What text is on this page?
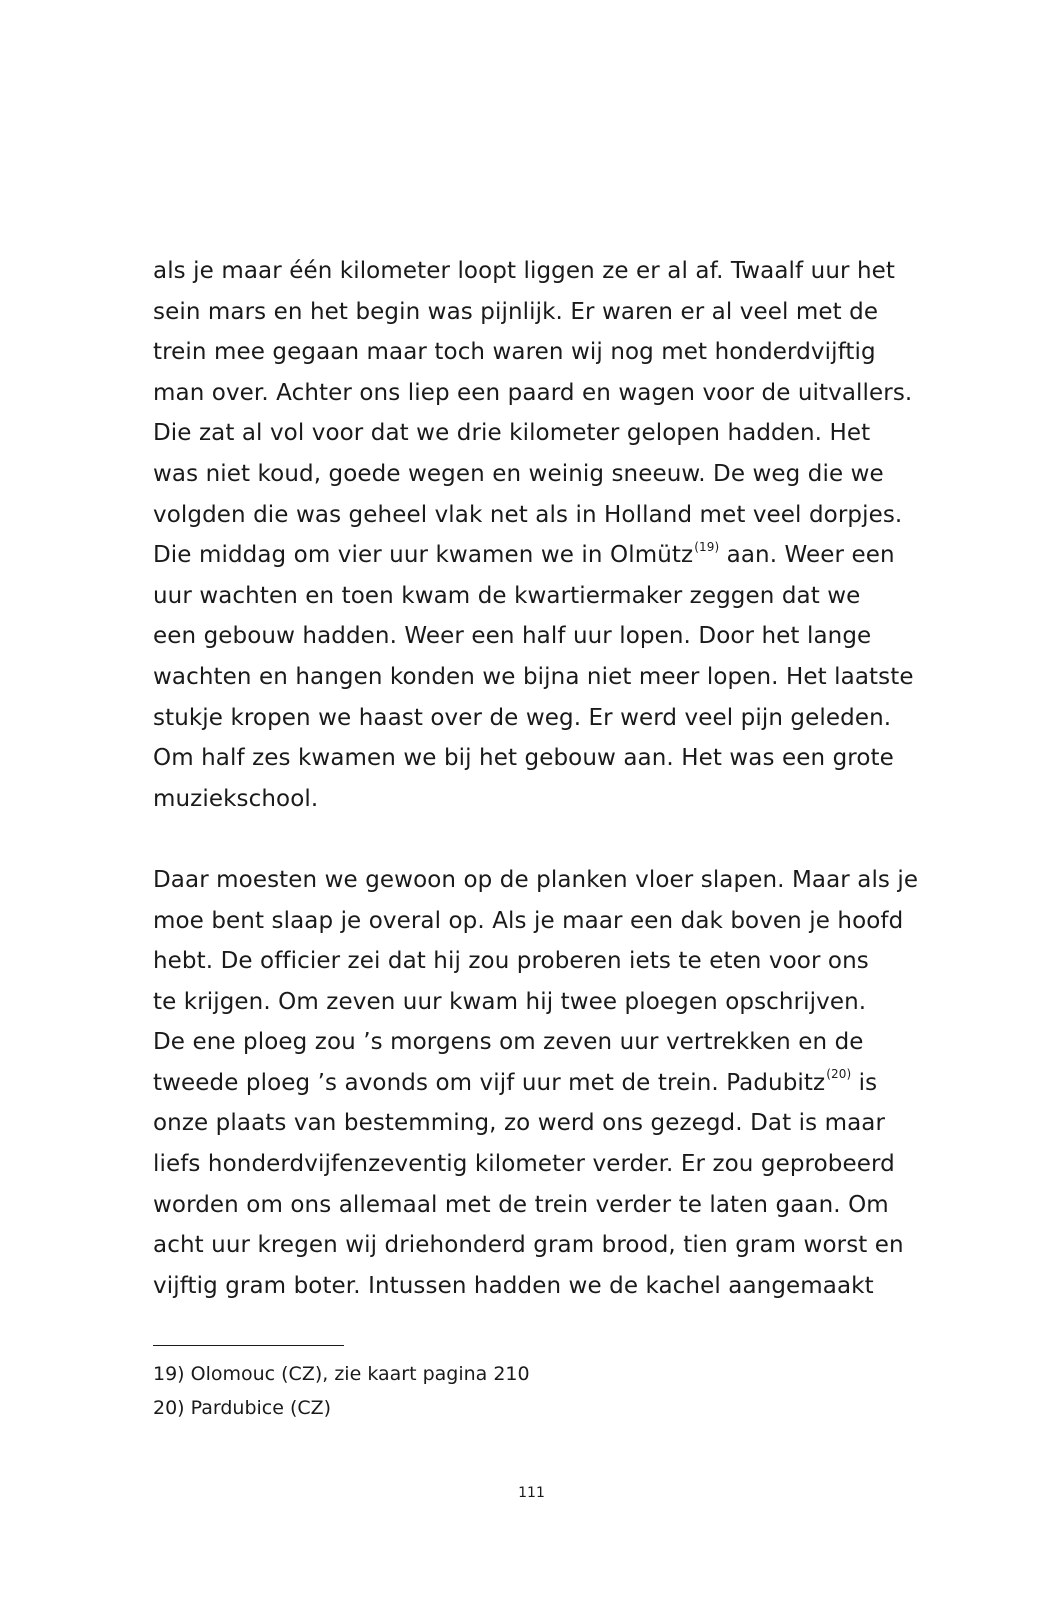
als je maar één kilometer loopt liggen ze er al af. Twaalf uur het
sein mars en het begin was pijnlijk. Er waren er al veel met de
trein mee gegaan maar toch waren wij nog met honderdvijftig
man over. Achter ons liep een paard en wagen voor de uitvallers.
Die zat al vol voor dat we drie kilometer gelopen hadden. Het
was niet koud, goede wegen en weinig sneeuw. De weg die we
volgden die was geheel vlak net als in Holland met veel dorpjes.
Die middag om vier uur kwamen we in Olmütz$^{(19)}$ aan. Weer een
uur wachten en toen kwam de kwartiermaker zeggen dat we
een gebouw hadden. Weer een half uur lopen. Door het lange
wachten en hangen konden we bijna niet meer lopen. Het laatste
stukje kropen we haast over de weg. Er werd veel pijn geleden.
Om half zes kwamen we bij het gebouw aan. Het was een grote
muziekschool.
Daar moesten we gewoon op de planken vloer slapen. Maar als je
moe bent slaap je overal op. Als je maar een dak boven je hoofd
hebt. De officier zei dat hij zou proberen iets te eten voor ons
te krijgen. Om zeven uur kwam hij twee ploegen opschrijven.
De ene ploeg zou ’s morgens om zeven uur vertrekken en de
tweede ploeg ’s avonds om vijf uur met de trein. Padubitz$^{(20)}$ is
onze plaats van bestemming, zo werd ons gezegd. Dat is maar
liefs honderdvijfenzeventig kilometer verder. Er zou geprobeerd
worden om ons allemaal met de trein verder te laten gaan. Om
acht uur kregen wij driehonderd gram brood, tien gram worst en
vijftig gram boter. Intussen hadden we de kachel aangemaakt
19) Olomouc (CZ), zie kaart pagina 210
20) Pardubice (CZ)
111
